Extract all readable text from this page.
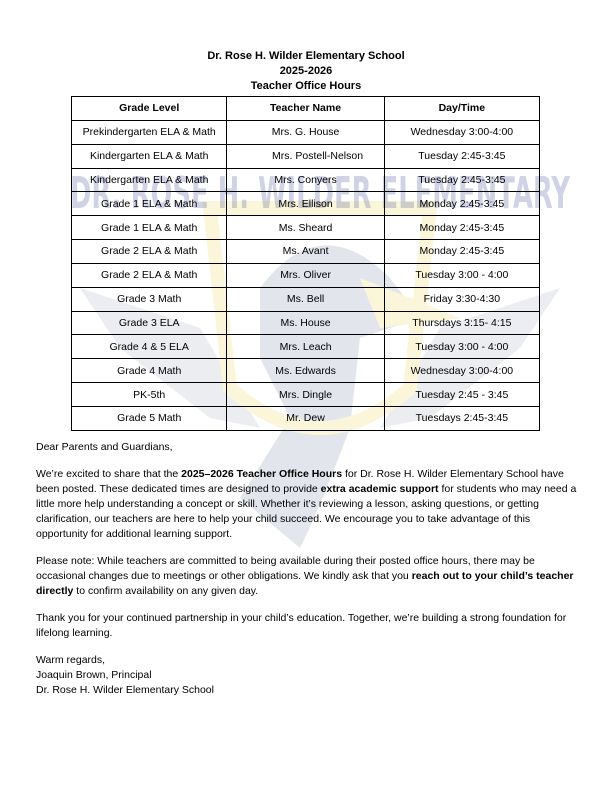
DR. ROSE H. WILDER ELEMENTARY
Dr. Rose H. Wilder Elementary School
2025-2026
Teacher Office Hours
Grade Level	Teacher Name	Day/Time
Prekindergarten ELA & Math	Mrs. G. House	Wednesday 3:00-4:00
Kindergarten ELA & Math	Mrs. Postell-Nelson	Tuesday 2:45-3:45
Kindergarten ELA & Math	Mrs. Conyers	Tuesday 2:45-3:45
Grade 1 ELA & Math	Mrs. Ellison	Monday 2:45-3:45
Grade 1 ELA & Math	Ms. Sheard	Monday 2:45-3:45
Grade 2 ELA & Math	Ms. Avant	Monday 2:45-3:45
Grade 2 ELA & Math	Mrs. Oliver	Tuesday 3:00 - 4:00
Grade 3 Math	Ms. Bell	Friday 3:30-4:30
Grade 3 ELA	Ms. House	Thursdays 3:15- 4:15
Grade 4 & 5 ELA	Mrs. Leach	Tuesday 3:00 - 4:00
Grade 4 Math	Ms. Edwards	Wednesday 3:00-4:00
PK-5th	Mrs. Dingle	Tuesday 2:45 - 3:45
Grade 5 Math	Mr. Dew	Tuesdays 2:45-3:45

Dear Parents and Guardians,

We’re excited to share that the 2025–2026 Teacher Office Hours for Dr. Rose H. Wilder Elementary School have been posted. These dedicated times are designed to provide extra academic support for students who may need a little more help understanding a concept or skill. Whether it’s reviewing a lesson, asking questions, or getting clarification, our teachers are here to help your child succeed. We encourage you to take advantage of this opportunity for additional learning support.

Please note: While teachers are committed to being available during their posted office hours, there may be occasional changes due to meetings or other obligations. We kindly ask that you reach out to your child’s teacher directly to confirm availability on any given day.

Thank you for your continued partnership in your child’s education. Together, we’re building a strong foundation for lifelong learning.

Warm regards,
Joaquin Brown, Principal
Dr. Rose H. Wilder Elementary School
